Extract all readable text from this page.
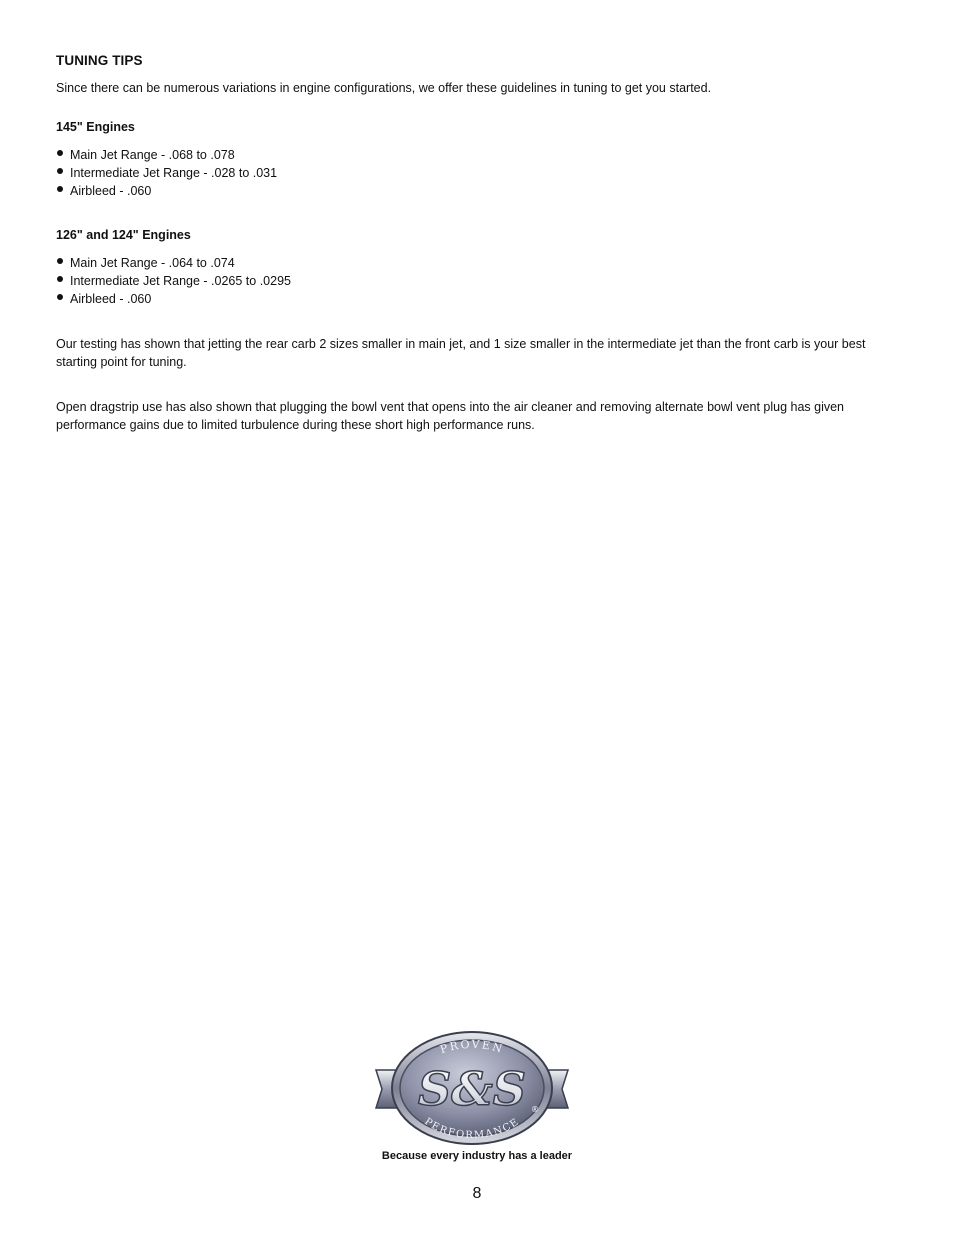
TUNING TIPS
Since there can be numerous variations in engine configurations, we offer these guidelines in tuning to get you started.
145" Engines
Main Jet Range - .068 to .078
Intermediate Jet Range - .028 to .031
Airbleed - .060
126" and 124" Engines
Main Jet Range - .064 to .074
Intermediate Jet Range - .0265 to .0295
Airbleed - .060
Our testing has shown that jetting the rear carb 2 sizes smaller in main jet, and 1 size smaller in the intermediate jet than the front carb is your best starting point for tuning.
Open dragstrip use has also shown that plugging the bowl vent that opens into the air cleaner and removing alternate bowl vent plug has given performance gains due to limited turbulence during these short high performance runs.
PROVEN
PERFORMANCE
S&S ®
Because every industry has a leader
8
